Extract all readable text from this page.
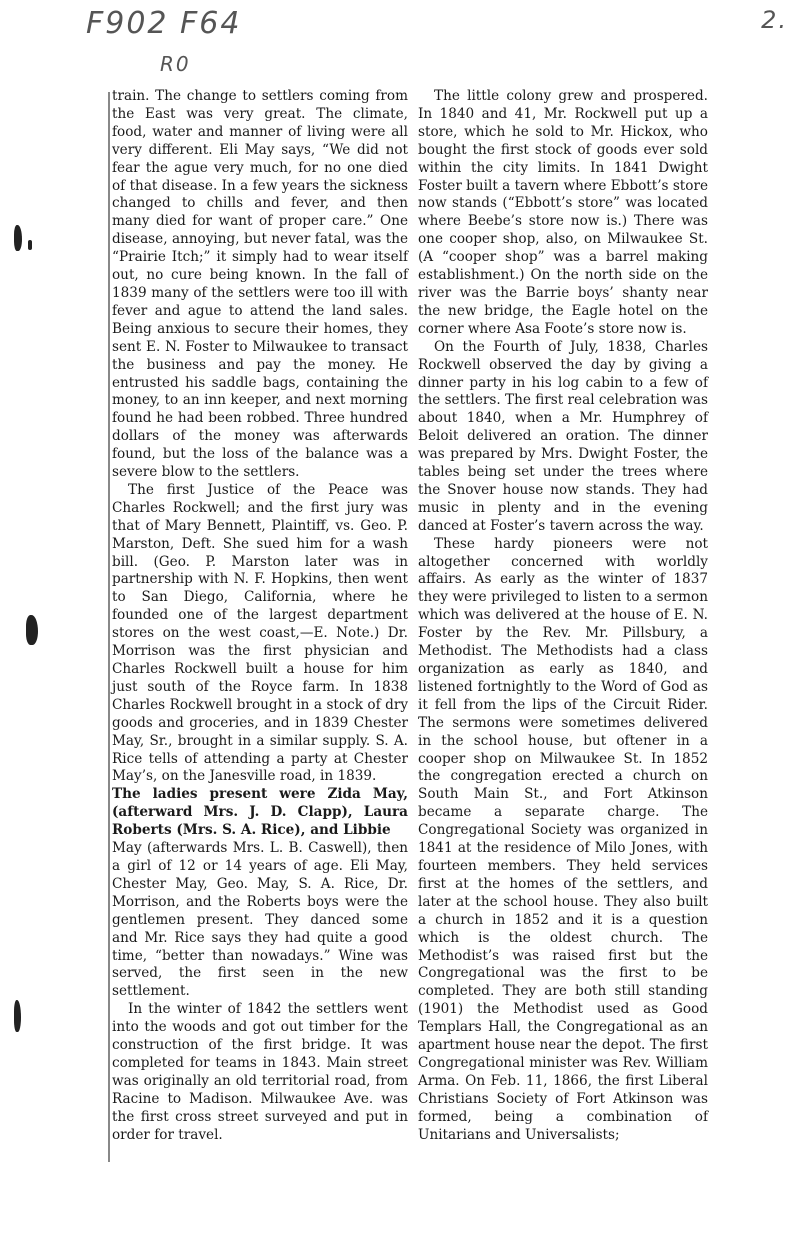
F902 F64
R0
2.

train. The change to settlers coming from the East was very great. The climate, food, water and manner of living were all very different. Eli May says, “We did not fear the ague very much, for no one died of that disease. In a few years the sickness changed to chills and fever, and then many died for want of proper care.” One disease, annoying, but never fatal, was the “Prairie Itch;” it simply had to wear itself out, no cure being known. In the fall of 1839 many of the settlers were too ill with fever and ague to attend the land sales. Being anxious to secure their homes, they sent E. N. Foster to Milwaukee to transact the business and pay the money. He entrusted his saddle bags, containing the money, to an inn keeper, and next morning found he had been robbed. Three hundred dollars of the money was afterwards found, but the loss of the balance was a severe blow to the settlers.

The first Justice of the Peace was Charles Rockwell; and the first jury was that of Mary Bennett, Plaintiff, vs. Geo. P. Marston, Deft. She sued him for a wash bill. (Geo. P. Marston later was in partnership with N. F. Hopkins, then went to San Diego, California, where he founded one of the largest department stores on the west coast,—E. Note.) Dr. Morrison was the first physician and Charles Rockwell built a house for him just south of the Royce farm. In 1838 Charles Rockwell brought in a stock of dry goods and groceries, and in 1839 Chester May, Sr., brought in a similar supply. S. A. Rice tells of attending a party at Chester May’s, on the Janesville road, in 1839.

The ladies present were Zida May, (afterward Mrs. J. D. Clapp), Laura Roberts (Mrs. S. A. Rice), and Libbie

May (afterwards Mrs. L. B. Caswell), then a girl of 12 or 14 years of age. Eli May, Chester May, Geo. May, S. A. Rice, Dr. Morrison, and the Roberts boys were the gentlemen present. They danced some and Mr. Rice says they had quite a good time, “better than nowadays.” Wine was served, the first seen in the new settlement.

In the winter of 1842 the settlers went into the woods and got out timber for the construction of the first bridge. It was completed for teams in 1843. Main street was originally an old territorial road, from Racine to Madison. Milwaukee Ave. was the first cross street surveyed and put in order for travel.

The little colony grew and prospered. In 1840 and 41, Mr. Rockwell put up a store, which he sold to Mr. Hickox, who bought the first stock of goods ever sold within the city limits. In 1841 Dwight Foster built a tavern where Ebbott’s store now stands (“Ebbott’s store” was located where Beebe’s store now is.) There was one cooper shop, also, on Milwaukee St. (A “cooper shop” was a barrel making establishment.) On the north side on the river was the Barrie boys’ shanty near the new bridge, the Eagle hotel on the corner where Asa Foote’s store now is.

On the Fourth of July, 1838, Charles Rockwell observed the day by giving a dinner party in his log cabin to a few of the settlers. The first real celebration was about 1840, when a Mr. Humphrey of Beloit delivered an oration. The dinner was prepared by Mrs. Dwight Foster, the tables being set under the trees where the Snover house now stands. They had music in plenty and in the evening danced at Foster’s tavern across the way.

These hardy pioneers were not altogether concerned with worldly affairs. As early as the winter of 1837 they were privileged to listen to a sermon which was delivered at the house of E. N. Foster by the Rev. Mr. Pillsbury, a Methodist. The Methodists had a class organization as early as 1840, and listened fortnightly to the Word of God as it fell from the lips of the Circuit Rider. The sermons were sometimes delivered in the school house, but oftener in a cooper shop on Milwaukee St. In 1852 the congregation erected a church on South Main St., and Fort Atkinson became a separate charge. The Congregational Society was organized in 1841 at the residence of Milo Jones, with fourteen members. They held services first at the homes of the settlers, and later at the school house. They also built a church in 1852 and it is a question which is the oldest church. The Methodist’s was raised first but the Congregational was the first to be completed. They are both still standing (1901) the Methodist used as Good Templars Hall, the Congregational as an apartment house near the depot. The first Congregational minister was Rev. William Arma. On Feb. 11, 1866, the first Liberal Christians Society of Fort Atkinson was formed, being a combination of Unitarians and Universalists;
